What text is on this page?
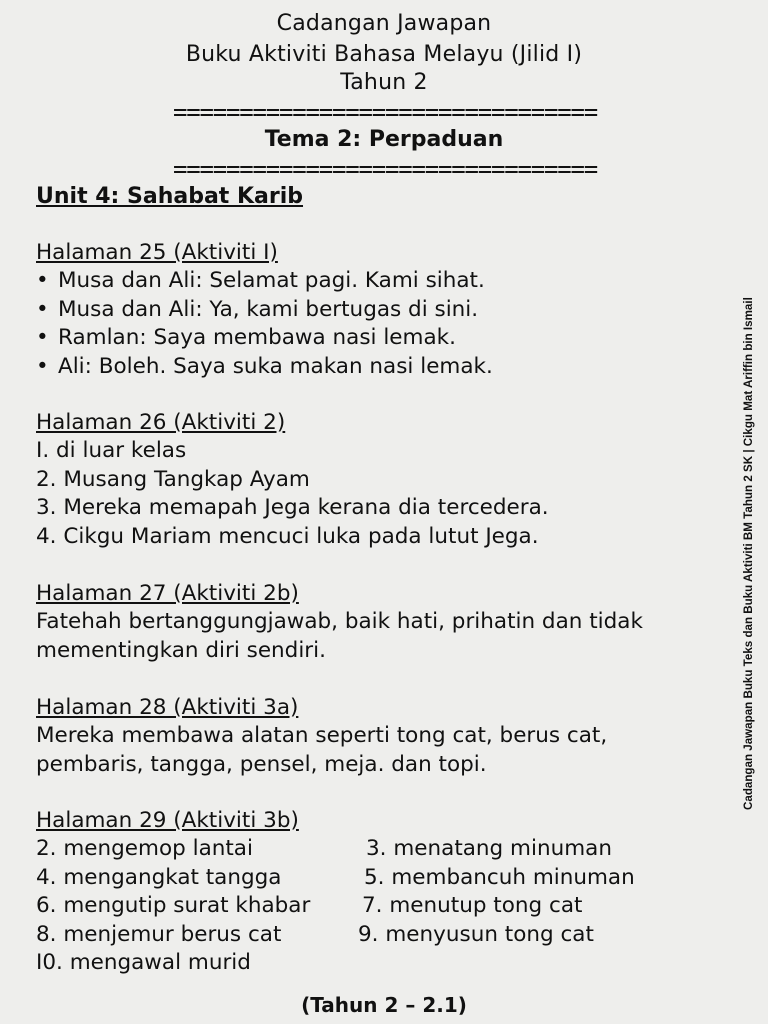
Cadangan Jawapan
Buku Aktiviti Bahasa Melayu (Jilid I)
Tahun 2
================================
Tema 2: Perpaduan
================================
Unit 4: Sahabat Karib
Halaman 25 (Aktiviti I)
• Musa dan Ali: Selamat pagi. Kami sihat.
• Musa dan Ali: Ya, kami bertugas di sini.
• Ramlan: Saya membawa nasi lemak.
• Ali: Boleh. Saya suka makan nasi lemak.
Halaman 26 (Aktiviti 2)
I. di luar kelas
2. Musang Tangkap Ayam
3. Mereka memapah Jega kerana dia tercedera.
4. Cikgu Mariam mencuci luka pada lutut Jega.
Halaman 27 (Aktiviti 2b)
Fatehah bertanggungjawab, baik hati, prihatin dan tidak
mementingkan diri sendiri.
Halaman 28 (Aktiviti 3a)
Mereka membawa alatan seperti tong cat, berus cat,
pembaris, tangga, pensel, meja. dan topi.
Halaman 29 (Aktiviti 3b)
2. mengemop lantai	3. menatang minuman
4. mengangkat tangga	5. membancuh minuman
6. mengutip surat khabar 7. menutup tong cat
8. menjemur berus cat	9. menyusun tong cat
I0. mengawal murid
Cadangan Jawapan Buku Teks dan Buku Aktiviti BM Tahun 2 SK | Cikgu Mat Ariffin bin Ismail
(Tahun 2 – 2.1)
